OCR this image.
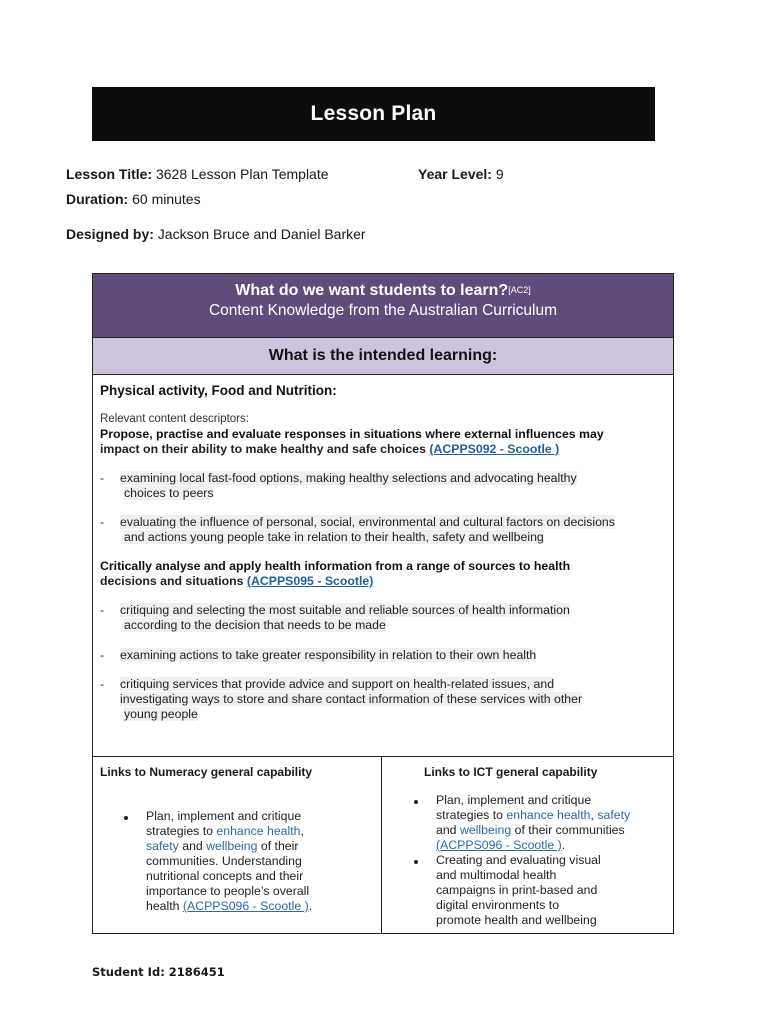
Lesson Plan
Lesson Title: 3628 Lesson Plan Template	Year Level: 9
Duration: 60 minutes
Designed by: Jackson Bruce and Daniel Barker
What do we want students to learn?[AC2]
Content Knowledge from the Australian Curriculum
What is the intended learning:
Physical activity, Food and Nutrition:
Relevant content descriptors:
Propose, practise and evaluate responses in situations where external influences may
impact on their ability to make healthy and safe choices (ACPPS092 - Scootle )
- examining local fast-food options, making healthy selections and advocating healthy
choices to peers
- evaluating the influence of personal, social, environmental and cultural factors on decisions
and actions young people take in relation to their health, safety and wellbeing
Critically analyse and apply health information from a range of sources to health
decisions and situations (ACPPS095 - Scootle)
- critiquing and selecting the most suitable and reliable sources of health information
according to the decision that needs to be made
- examining actions to take greater responsibility in relation to their own health
- critiquing services that provide advice and support on health-related issues, and
investigating ways to store and share contact information of these services with other
young people
Links to Numeracy general capability
Plan, implement and critique
strategies to enhance health,
safety and wellbeing of their
communities. Understanding
nutritional concepts and their
importance to people’s overall
health (ACPPS096 - Scootle ).
Links to ICT general capability
Plan, implement and critique
strategies to enhance health, safety
and wellbeing of their communities
(ACPPS096 - Scootle ).
Creating and evaluating visual
and multimodal health
campaigns in print-based and
digital environments to
promote health and wellbeing
Student Id: 2186451
